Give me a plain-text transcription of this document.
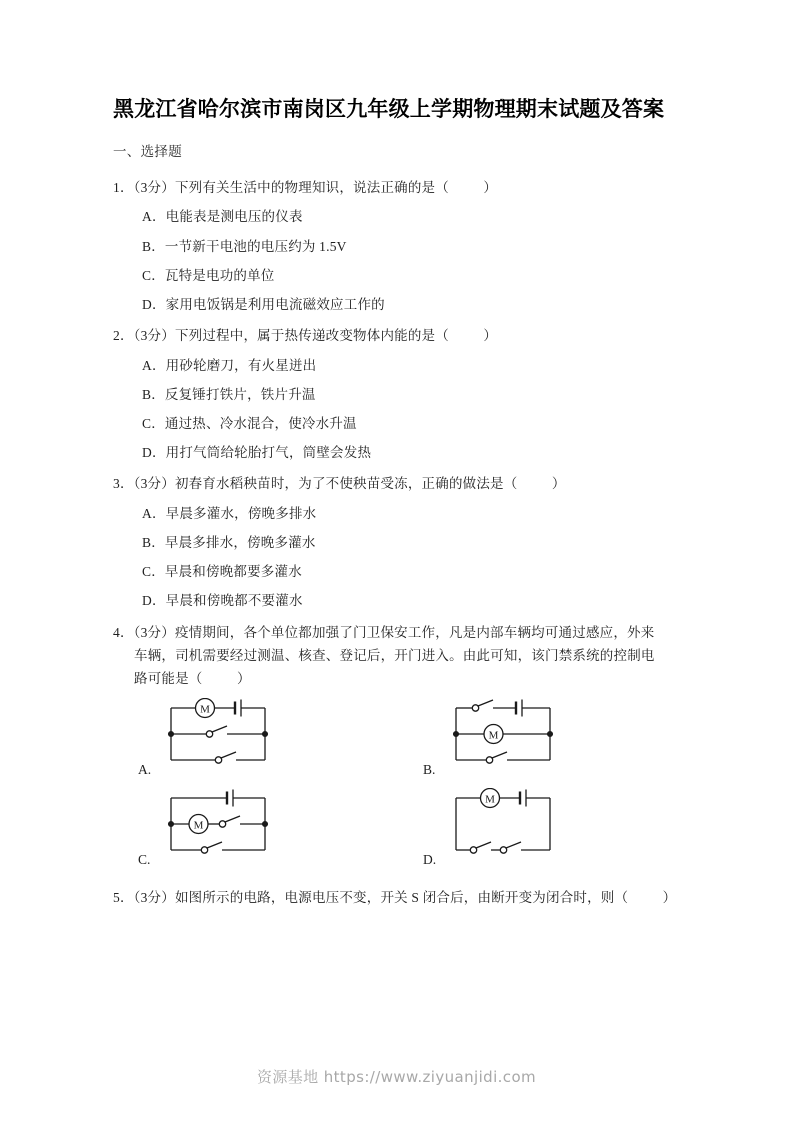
黑龙江省哈尔滨市南岗区九年级上学期物理期末试题及答案
一、选择题
1．（3分）下列有关生活中的物理知识，说法正确的是（	）
A．电能表是测电压的仪表
B．一节新干电池的电压约为 1.5V
C．瓦特是电功的单位
D．家用电饭锅是利用电流磁效应工作的
2．（3分）下列过程中，属于热传递改变物体内能的是（	）
A．用砂轮磨刀，有火星迸出
B．反复锤打铁片，铁片升温
C．通过热、冷水混合，使冷水升温
D．用打气筒给轮胎打气，筒壁会发热
3．（3分）初春育水稻秧苗时，为了不使秧苗受冻，正确的做法是（	）
A．早晨多灌水，傍晚多排水
B．早晨多排水，傍晚多灌水
C．早晨和傍晚都要多灌水
D．早晨和傍晚都不要灌水
4．（3分）疫情期间，各个单位都加强了门卫保安工作，凡是内部车辆均可通过感应，外来
车辆，司机需要经过测温、核查、登记后，开门进入。由此可知，该门禁系统的控制电
路可能是（	）
A.
M
B.
M
C.
M
D.
M
5．（3分）如图所示的电路，电源电压不变，开关 S 闭合后，由断开变为闭合时，则（	）
资源基地 https://www.ziyuanjidi.com
